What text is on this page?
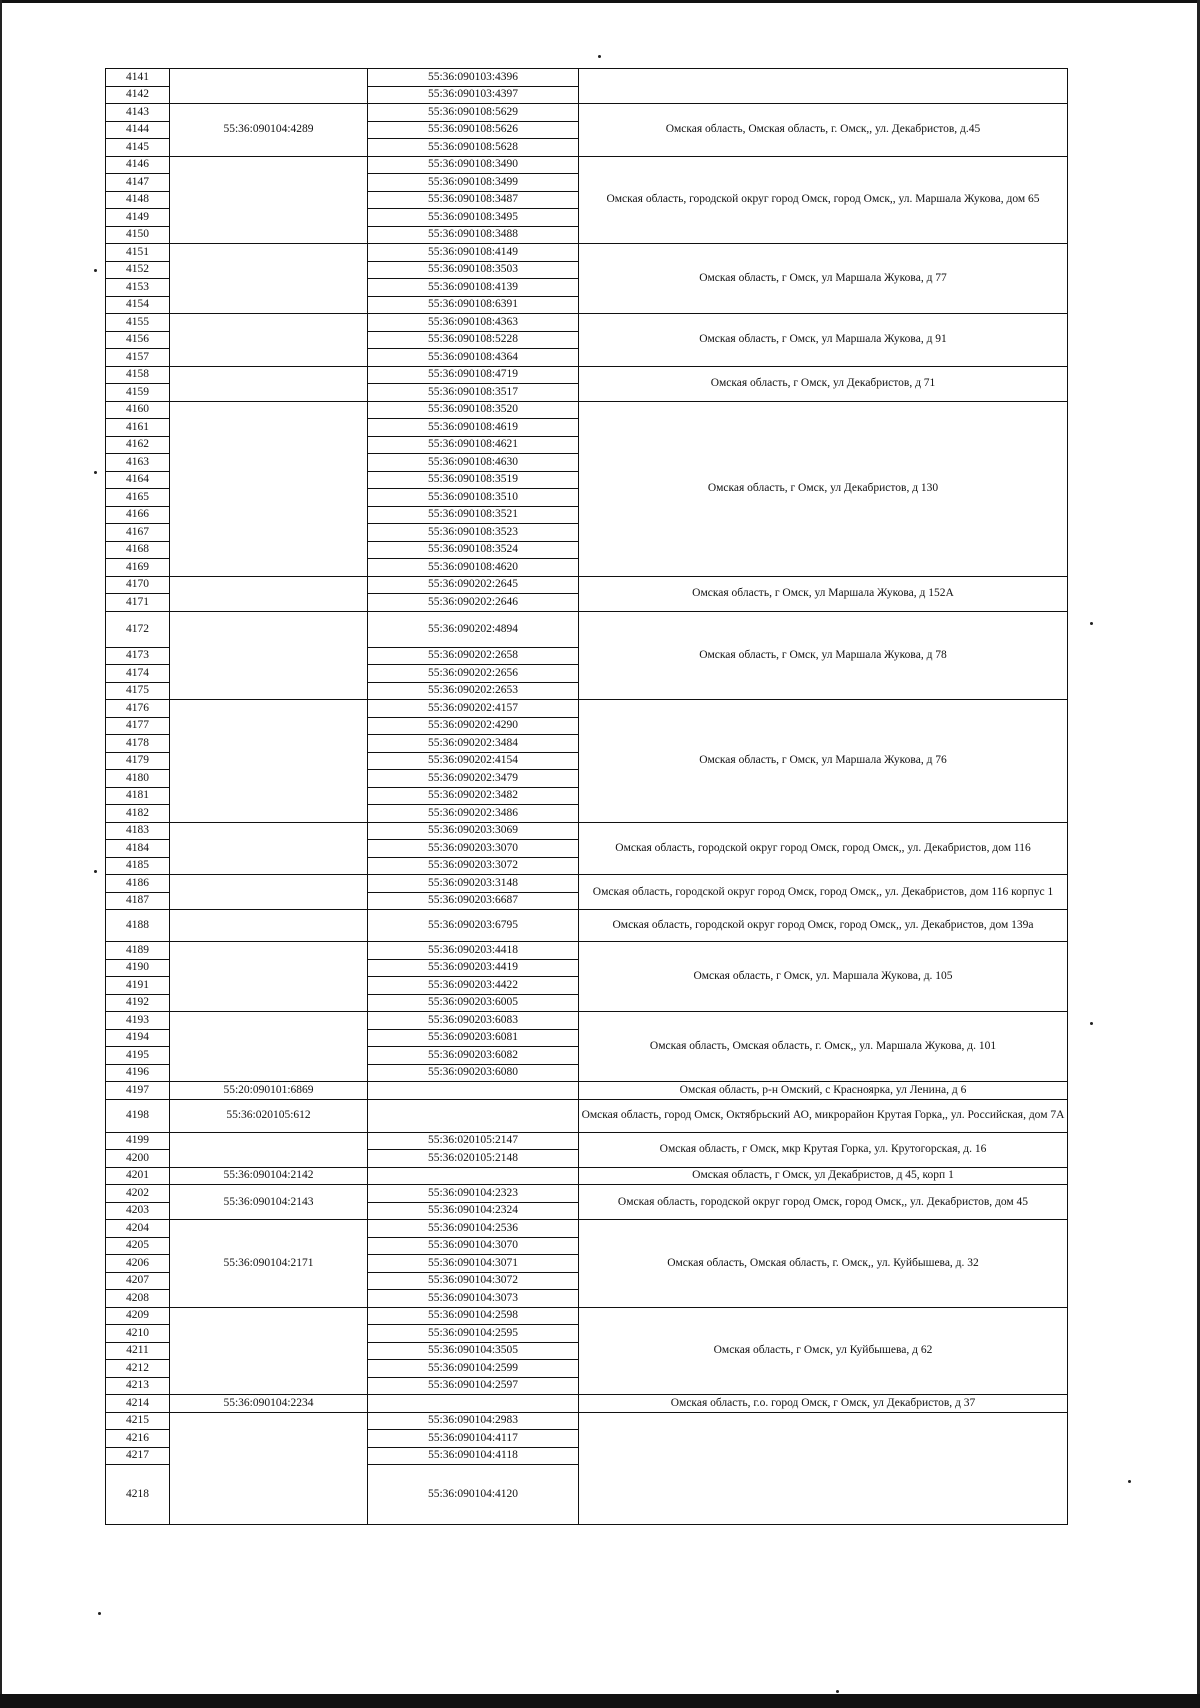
4141		55:36:090103:4396	
4142		55:36:090103:4397	
4143	55:36:090104:4289	55:36:090108:5629	Омская область, Омская область, г. Омск,, ул. Декабристов, д.45
4144		55:36:090108:5626	
4145		55:36:090108:5628	
4146		55:36:090108:3490	Омская область, городской округ город Омск, город Омск,, ул. Маршала Жукова, дом 65
4147		55:36:090108:3499	
4148		55:36:090108:3487	
4149		55:36:090108:3495	
4150		55:36:090108:3488	
4151		55:36:090108:4149	Омская область, г Омск, ул Маршала Жукова, д 77
4152		55:36:090108:3503	
4153		55:36:090108:4139	
4154		55:36:090108:6391	
4155		55:36:090108:4363	Омская область, г Омск, ул Маршала Жукова, д 91
4156		55:36:090108:5228	
4157		55:36:090108:4364	
4158		55:36:090108:4719	Омская область, г Омск, ул Декабристов, д 71
4159		55:36:090108:3517	
4160		55:36:090108:3520	Омская область, г Омск, ул Декабристов, д 130
4161		55:36:090108:4619	
4162		55:36:090108:4621	
4163		55:36:090108:4630	
4164		55:36:090108:3519	
4165		55:36:090108:3510	
4166		55:36:090108:3521	
4167		55:36:090108:3523	
4168		55:36:090108:3524	
4169		55:36:090108:4620	
4170		55:36:090202:2645	Омская область, г Омск, ул Маршала Жукова, д 152А
4171		55:36:090202:2646	
4172		55:36:090202:4894	Омская область, г Омск, ул Маршала Жукова, д 78
4173		55:36:090202:2658	
4174		55:36:090202:2656	
4175		55:36:090202:2653	
4176		55:36:090202:4157	Омская область, г Омск, ул Маршала Жукова, д 76
4177		55:36:090202:4290	
4178		55:36:090202:3484	
4179		55:36:090202:4154	
4180		55:36:090202:3479	
4181		55:36:090202:3482	
4182		55:36:090202:3486	
4183		55:36:090203:3069	Омская область, городской округ город Омск, город Омск,, ул. Декабристов, дом 116
4184		55:36:090203:3070	
4185		55:36:090203:3072	
4186		55:36:090203:3148	Омская область, городской округ город Омск, город Омск,, ул. Декабристов, дом 116 корпус 1
4187		55:36:090203:6687	
4188		55:36:090203:6795	Омская область, городской округ город Омск, город Омск,, ул. Декабристов, дом 139а
4189		55:36:090203:4418	Омская область, г Омск, ул. Маршала Жукова, д. 105
4190		55:36:090203:4419	
4191		55:36:090203:4422	
4192		55:36:090203:6005	
4193		55:36:090203:6083	Омская область, Омская область, г. Омск,, ул. Маршала Жукова, д. 101
4194		55:36:090203:6081	
4195		55:36:090203:6082	
4196		55:36:090203:6080	
4197	55:20:090101:6869		Омская область, р-н Омский, с Красноярка, ул Ленина, д 6
4198	55:36:020105:612		Омская область, город Омск, Октябрьский АО, микрорайон Крутая Горка,, ул. Российская, дом 7А
4199		55:36:020105:2147	Омская область, г Омск, мкр Крутая Горка, ул. Крутогорская, д. 16
4200		55:36:020105:2148	
4201	55:36:090104:2142		Омская область, г Омск, ул Декабристов, д 45, корп 1
4202	55:36:090104:2143	55:36:090104:2323	Омская область, городской округ город Омск, город Омск,, ул. Декабристов, дом 45
4203		55:36:090104:2324	
4204	55:36:090104:2171	55:36:090104:2536	Омская область, Омская область, г. Омск,, ул. Куйбышева, д. 32
4205		55:36:090104:3070	
4206		55:36:090104:3071	
4207		55:36:090104:3072	
4208		55:36:090104:3073	
4209		55:36:090104:2598	Омская область, г Омск, ул Куйбышева, д 62
4210		55:36:090104:2595	
4211		55:36:090104:3505	
4212		55:36:090104:2599	
4213		55:36:090104:2597	
4214	55:36:090104:2234		Омская область, г.о. город Омск, г Омск, ул Декабристов, д 37
4215		55:36:090104:2983	
4216		55:36:090104:4117	
4217		55:36:090104:4118	
4218		55:36:090104:4120	
